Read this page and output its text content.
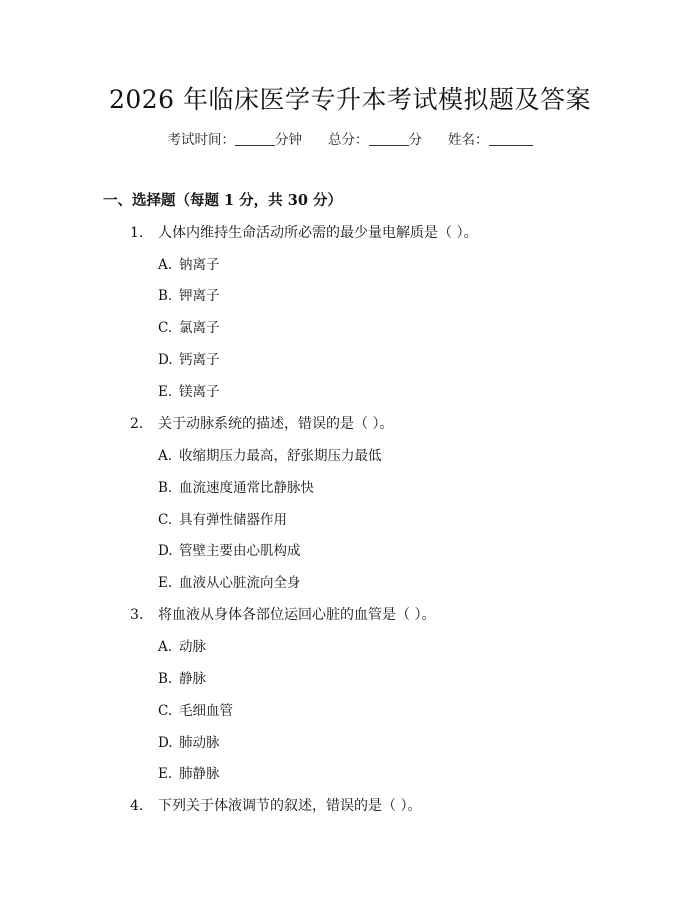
2026 年临床医学专升本考试模拟题及答案
考试时间：	分钟 总分：	分 姓名：
一、选择题（每题 1 分，共 30 分）
1. 人体内维持生命活动所必需的最少量电解质是（ ）。
A. 钠离子
B. 钾离子
C. 氯离子
D. 钙离子
E. 镁离子
2. 关于动脉系统的描述，错误的是（ ）。
A. 收缩期压力最高，舒张期压力最低
B. 血流速度通常比静脉快
C. 具有弹性储器作用
D. 管壁主要由心肌构成
E. 血液从心脏流向全身
3. 将血液从身体各部位运回心脏的血管是（ ）。
A. 动脉
B. 静脉
C. 毛细血管
D. 肺动脉
E. 肺静脉
4. 下列关于体液调节的叙述，错误的是（ ）。
